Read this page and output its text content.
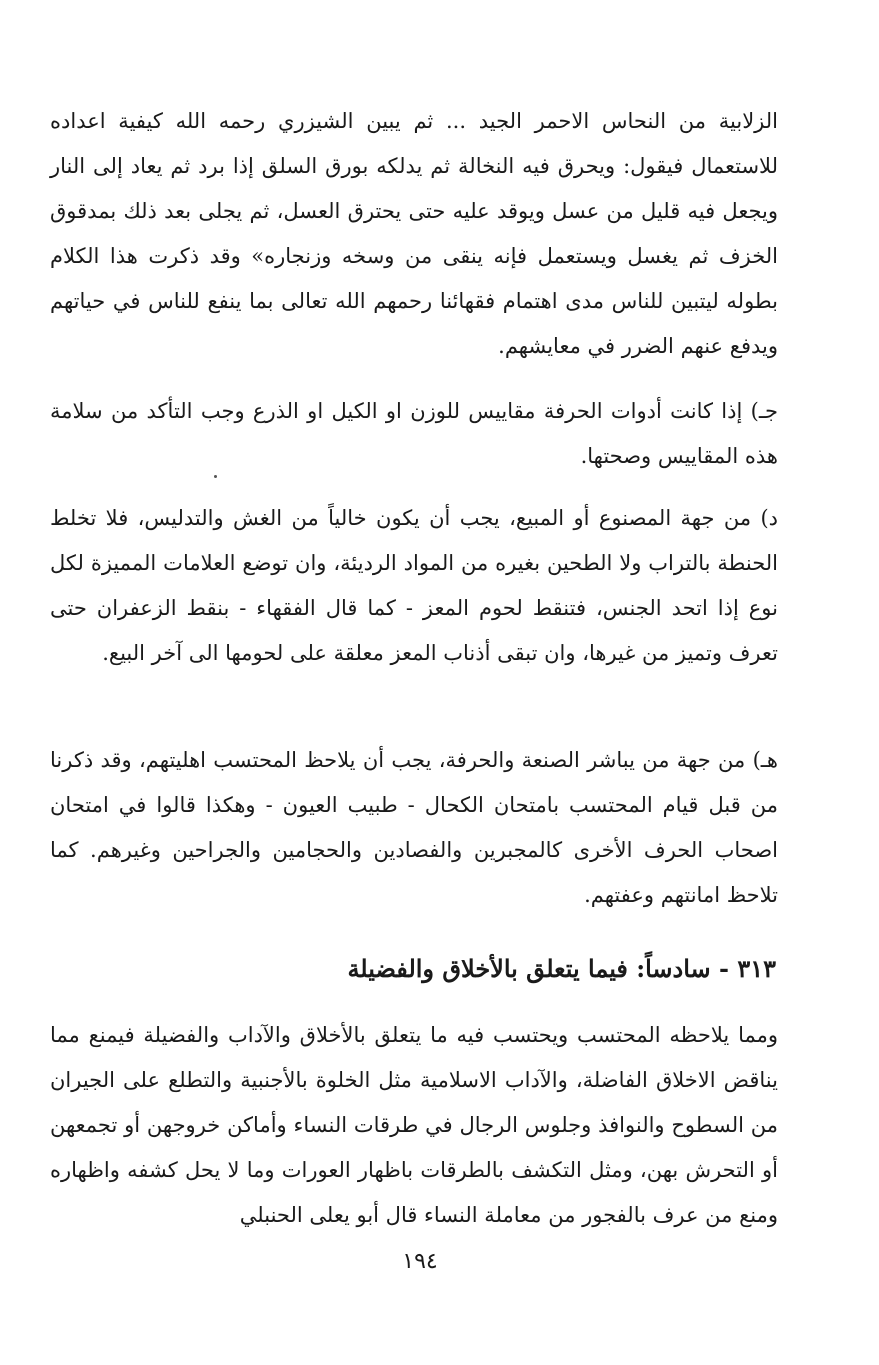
الزلابية من النحاس الاحمر الجيد ... ثم يبين الشيزري رحمه الله كيفية اعداده للاستعمال فيقول: ويحرق فيه النخالة ثم يدلكه بورق السلق إذا برد ثم يعاد إلى النار ويجعل فيه قليل من عسل ويوقد عليه حتى يحترق العسل، ثم يجلى بعد ذلك بمدقوق الخزف ثم يغسل ويستعمل فإنه ينقى من وسخه وزنجاره» وقد ذكرت هذا الكلام بطوله ليتبين للناس مدى اهتمام فقهائنا رحمهم الله تعالى بما ينفع للناس في حياتهم ويدفع عنهم الضرر في معايشهم.

جـ) إذا كانت أدوات الحرفة مقاييس للوزن او الكيل او الذرع وجب التأكد من سلامة هذه المقاييس وصحتها.

د) من جهة المصنوع أو المبيع، يجب أن يكون خالياً من الغش والتدليس، فلا تخلط الحنطة بالتراب ولا الطحين بغيره من المواد الرديئة، وان توضع العلامات المميزة لكل نوع إذا اتحد الجنس، فتنقط لحوم المعز - كما قال الفقهاء - بنقط الزعفران حتى تعرف وتميز من غيرها، وان تبقى أذناب المعز معلقة على لحومها الى آخر البيع.

هـ) من جهة من يباشر الصنعة والحرفة، يجب أن يلاحظ المحتسب اهليتهم، وقد ذكرنا من قبل قيام المحتسب بامتحان الكحال - طبيب العيون - وهكذا قالوا في امتحان اصحاب الحرف الأخرى كالمجبرين والفصادين والحجامين والجراحين وغيرهم. كما تلاحظ امانتهم وعفتهم.

٣١٣ - سادساً: فيما يتعلق بالأخلاق والفضيلة

ومما يلاحظه المحتسب ويحتسب فيه ما يتعلق بالأخلاق والآداب والفضيلة فيمنع مما يناقض الاخلاق الفاضلة، والآداب الاسلامية مثل الخلوة بالأجنبية والتطلع على الجيران من السطوح والنوافذ وجلوس الرجال في طرقات النساء وأماكن خروجهن أو تجمعهن أو التحرش بهن، ومثل التكشف بالطرقات باظهار العورات وما لا يحل كشفه واظهاره ومنع من عرف بالفجور من معاملة النساء قال أبو يعلى الحنبلي

١٩٤
